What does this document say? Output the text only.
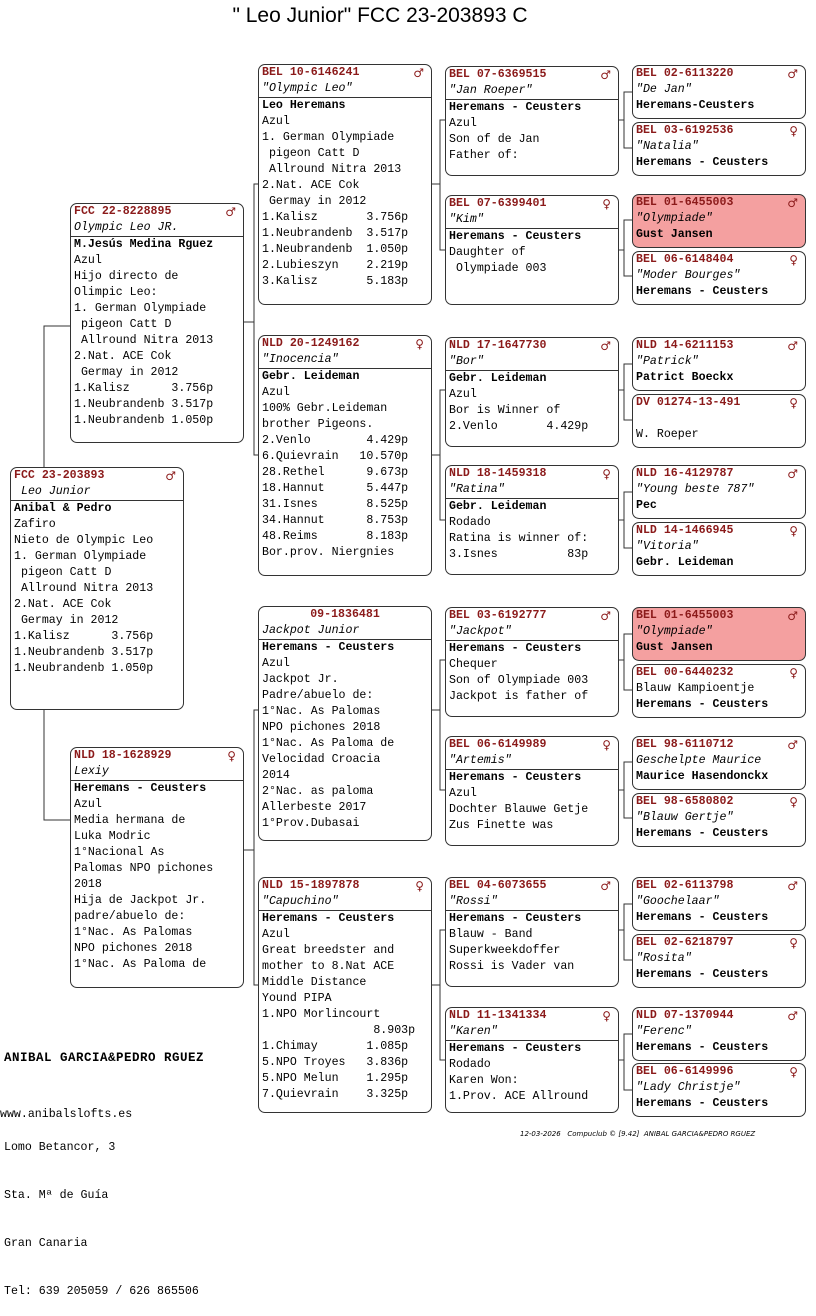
" Leo Junior" FCC 23-203893 C
FCC 23-203893	♂
Leo Junior
Anibal & Pedro
Zafiro
Nieto de Olympic Leo
1. German Olympiade
pigeon Catt D
Allround Nitra 2013
2.Nat. ACE Cok
Germay in 2012
1.Kalisz      3.756p
1.Neubrandenb 3.517p
1.Neubrandenb 1.050p
FCC 22-8228895	♂
Olympic Leo JR.
M.Jesús Medina Rguez
Azul
Hijo directo de
Olimpic Leo:
1. German Olympiade
pigeon Catt D
Allround Nitra 2013
2.Nat. ACE Cok
Germay in 2012
1.Kalisz      3.756p
1.Neubrandenb 3.517p
1.Neubrandenb 1.050p
NLD 18-1628929	♀
Lexiy
Heremans - Ceusters
Azul
Media hermana de
Luka Modric
1°Nacional As
Palomas NPO pichones
2018
Hija de Jackpot Jr.
padre/abuelo de:
1°Nac. As Palomas
NPO pichones 2018
1°Nac. As Paloma de
BEL 10-6146241	♂
"Olympic Leo"
Leo Heremans
Azul
1. German Olympiade
pigeon Catt D
Allround Nitra 2013
2.Nat. ACE Cok
Germay in 2012
1.Kalisz       3.756p
1.Neubrandenb  3.517p
1.Neubrandenb  1.050p
2.Lubieszyn    2.219p
3.Kalisz       5.183p
NLD 20-1249162	♀
"Inocencia"
Gebr. Leideman
Azul
100% Gebr.Leideman
brother Pigeons.
2.Venlo        4.429p
6.Quievrain   10.570p
28.Rethel      9.673p
18.Hannut      5.447p
31.Isnes       8.525p
34.Hannut      8.753p
48.Reims       8.183p
Bor.prov. Niergnies
09-1836481
Jackpot Junior
Heremans - Ceusters
Azul
Jackpot Jr.
Padre/abuelo de:
1°Nac. As Palomas
NPO pichones 2018
1°Nac. As Paloma de
Velocidad Croacia
2014
2°Nac. as paloma
Allerbeste 2017
1°Prov.Dubasai
NLD 15-1897878	♀
"Capuchino"
Heremans - Ceusters
Azul
Great breedster and
mother to 8.Nat ACE
Middle Distance
Yound PIPA
1.NPO Morlincourt
8.903p
1.Chimay       1.085p
5.NPO Troyes   3.836p
5.NPO Melun    1.295p
7.Quievrain    3.325p
BEL 07-6369515	♂
"Jan Roeper"
Heremans - Ceusters
Azul
Son of de Jan
Father of:
BEL 07-6399401	♀
"Kim"
Heremans - Ceusters
Daughter of
Olympiade 003
NLD 17-1647730	♂
"Bor"
Gebr. Leideman
Azul
Bor is Winner of
2.Venlo       4.429p
NLD 18-1459318	♀
"Ratina"
Gebr. Leideman
Rodado
Ratina is winner of:
3.Isnes          83p
BEL 03-6192777	♂
"Jackpot"
Heremans - Ceusters
Chequer
Son of Olympiade 003
Jackpot is father of
BEL 06-6149989	♀
"Artemis"
Heremans - Ceusters
Azul
Dochter Blauwe Getje
Zus Finette was
BEL 04-6073655	♂
"Rossi"
Heremans - Ceusters
Blauw - Band
Superkweekdoffer
Rossi is Vader van
NLD 11-1341334	♀
"Karen"
Heremans - Ceusters
Rodado
Karen Won:
1.Prov. ACE Allround
BEL 02-6113220	♂
"De Jan"
Heremans-Ceusters
BEL 03-6192536	♀
"Natalia"
Heremans - Ceusters
BEL 01-6455003	♂
"Olympiade"
Gust Jansen
BEL 06-6148404	♀
"Moder Bourges"
Heremans - Ceusters
NLD 14-6211153	♂
"Patrick"
Patrict Boeckx
DV 01274-13-491	♀
W. Roeper
NLD 16-4129787	♂
"Young beste 787"
Pec
NLD 14-1466945	♀
"Vitoria"
Gebr. Leideman
BEL 01-6455003	♂
"Olympiade"
Gust Jansen
BEL 00-6440232	♀
Blauw Kampioentje
Heremans - Ceusters
BEL 98-6110712	♂
Geschelpte Maurice
Maurice Hasendonckx
BEL 98-6580802	♀
"Blauw Gertje"
Heremans - Ceusters
BEL 02-6113798	♂
"Goochelaar"
Heremans - Ceusters
BEL 02-6218797	♀
"Rosita"
Heremans - Ceusters
NLD 07-1370944	♂
"Ferenc"
Heremans - Ceusters
BEL 06-6149996	♀
"Lady Christje"
Heremans - Ceusters

ANIBAL GARCIA&PEDRO RGUEZ

Lomo Betancor, 3

Sta. Mª de Guía

Gran Canaria

Tel: 639 205059 / 626 865506

www.anibalslofts.es
12-03-2026   Compuclub © [9.42]  ANIBAL GARCIA&PEDRO RGUEZ
